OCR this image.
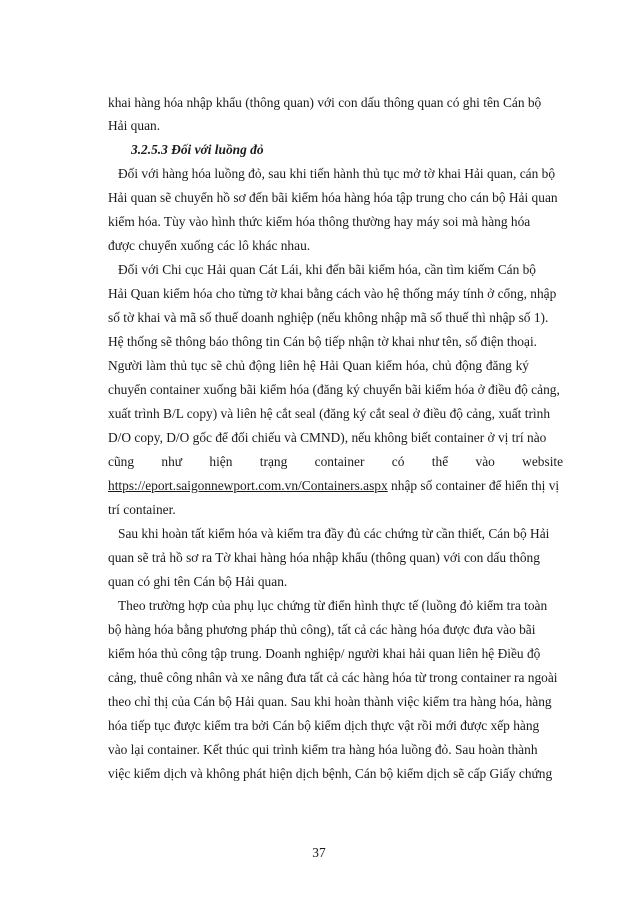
khai hàng hóa nhập khẩu (thông quan) với con dấu thông quan có ghi tên Cán bộ
Hải quan.
3.2.5.3 Đối với luồng đỏ
Đối với hàng hóa luồng đỏ, sau khi tiến hành thủ tục mở tờ khai Hải quan, cán bộ
Hải quan sẽ chuyển hồ sơ đến bãi kiểm hóa hàng hóa tập trung cho cán bộ Hải quan
kiểm hóa. Tùy vào hình thức kiểm hóa thông thường hay máy soi mà hàng hóa
được chuyển xuống các lô khác nhau.
Đối với Chi cục Hải quan Cát Lái, khi đến bãi kiểm hóa, cần tìm kiếm Cán bộ
Hải Quan kiểm hóa cho từng tờ khai bằng cách vào hệ thống máy tính ở cổng, nhập
số tờ khai và mã số thuế doanh nghiệp (nếu không nhập mã số thuế thì nhập số 1).
Hệ thống sẽ thông báo thông tin Cán bộ tiếp nhận tờ khai như tên, số điện thoại.
Người làm thủ tục sẽ chủ động liên hệ Hải Quan kiểm hóa, chủ động đăng ký
chuyển container xuống bãi kiểm hóa (đăng ký chuyển bãi kiểm hóa ở điều độ cảng,
xuất trình B/L copy) và liên hệ cắt seal (đăng ký cắt seal ở điều độ cảng, xuất trình
D/O copy, D/O gốc để đối chiếu và CMND), nếu không biết container ở vị trí nào
cũng như hiện trạng container có thể vào website
https://eport.saigonnewport.com.vn/Containers.aspx nhập số container để hiển thị vị
trí container.
Sau khi hoàn tất kiểm hóa và kiểm tra đầy đủ các chứng từ cần thiết, Cán bộ Hải
quan sẽ trả hồ sơ ra Tờ khai hàng hóa nhập khẩu (thông quan) với con dấu thông
quan có ghi tên Cán bộ Hải quan.
Theo trường hợp của phụ lục chứng từ điển hình thực tế (luồng đỏ kiểm tra toàn
bộ hàng hóa bằng phương pháp thủ công), tất cả các hàng hóa được đưa vào bãi
kiểm hóa thủ công tập trung. Doanh nghiệp/ người khai hải quan liên hệ Điều độ
cảng, thuê công nhân và xe nâng đưa tất cả các hàng hóa từ trong container ra ngoài
theo chỉ thị của Cán bộ Hải quan. Sau khi hoàn thành việc kiểm tra hàng hóa, hàng
hóa tiếp tục được kiểm tra bởi Cán bộ kiểm dịch thực vật rồi mới được xếp hàng
vào lại container. Kết thúc qui trình kiểm tra hàng hóa luồng đỏ. Sau hoàn thành
việc kiểm dịch và không phát hiện dịch bệnh, Cán bộ kiểm dịch sẽ cấp Giấy chứng
37
